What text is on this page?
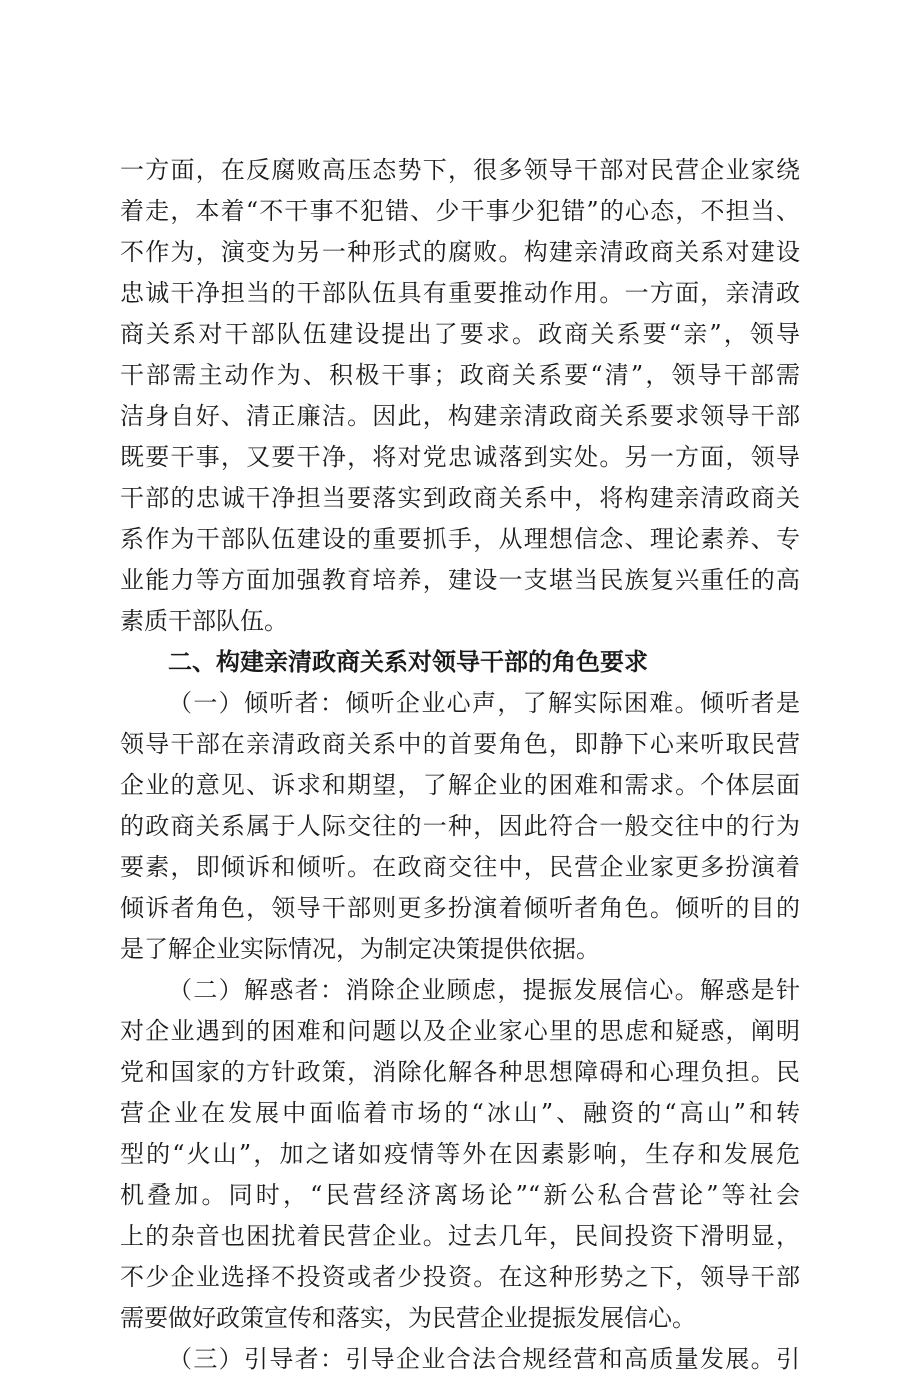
一方面，在反腐败高压态势下，很多领导干部对民营企业家绕
着走，本着“不干事不犯错、少干事少犯错”的心态，不担当、
不作为，演变为另一种形式的腐败。构建亲清政商关系对建设
忠诚干净担当的干部队伍具有重要推动作用。一方面，亲清政
商关系对干部队伍建设提出了要求。政商关系要“亲”，领导
干部需主动作为、积极干事；政商关系要“清”，领导干部需
洁身自好、清正廉洁。因此，构建亲清政商关系要求领导干部
既要干事，又要干净，将对党忠诚落到实处。另一方面，领导
干部的忠诚干净担当要落实到政商关系中，将构建亲清政商关
系作为干部队伍建设的重要抓手，从理想信念、理论素养、专
业能力等方面加强教育培养，建设一支堪当民族复兴重任的高
素质干部队伍。
二、构建亲清政商关系对领导干部的角色要求
（一）倾听者：倾听企业心声，了解实际困难。倾听者是
领导干部在亲清政商关系中的首要角色，即静下心来听取民营
企业的意见、诉求和期望，了解企业的困难和需求。个体层面
的政商关系属于人际交往的一种，因此符合一般交往中的行为
要素，即倾诉和倾听。在政商交往中，民营企业家更多扮演着
倾诉者角色，领导干部则更多扮演着倾听者角色。倾听的目的
是了解企业实际情况，为制定决策提供依据。
（二）解惑者：消除企业顾虑，提振发展信心。解惑是针
对企业遇到的困难和问题以及企业家心里的思虑和疑惑，阐明
党和国家的方针政策，消除化解各种思想障碍和心理负担。民
营企业在发展中面临着市场的“冰山”、融资的“高山”和转
型的“火山”，加之诸如疫情等外在因素影响，生存和发展危
机叠加。同时，“民营经济离场论”“新公私合营论”等社会
上的杂音也困扰着民营企业。过去几年，民间投资下滑明显，
不少企业选择不投资或者少投资。在这种形势之下，领导干部
需要做好政策宣传和落实，为民营企业提振发展信心。
（三）引导者：引导企业合法合规经营和高质量发展。引
